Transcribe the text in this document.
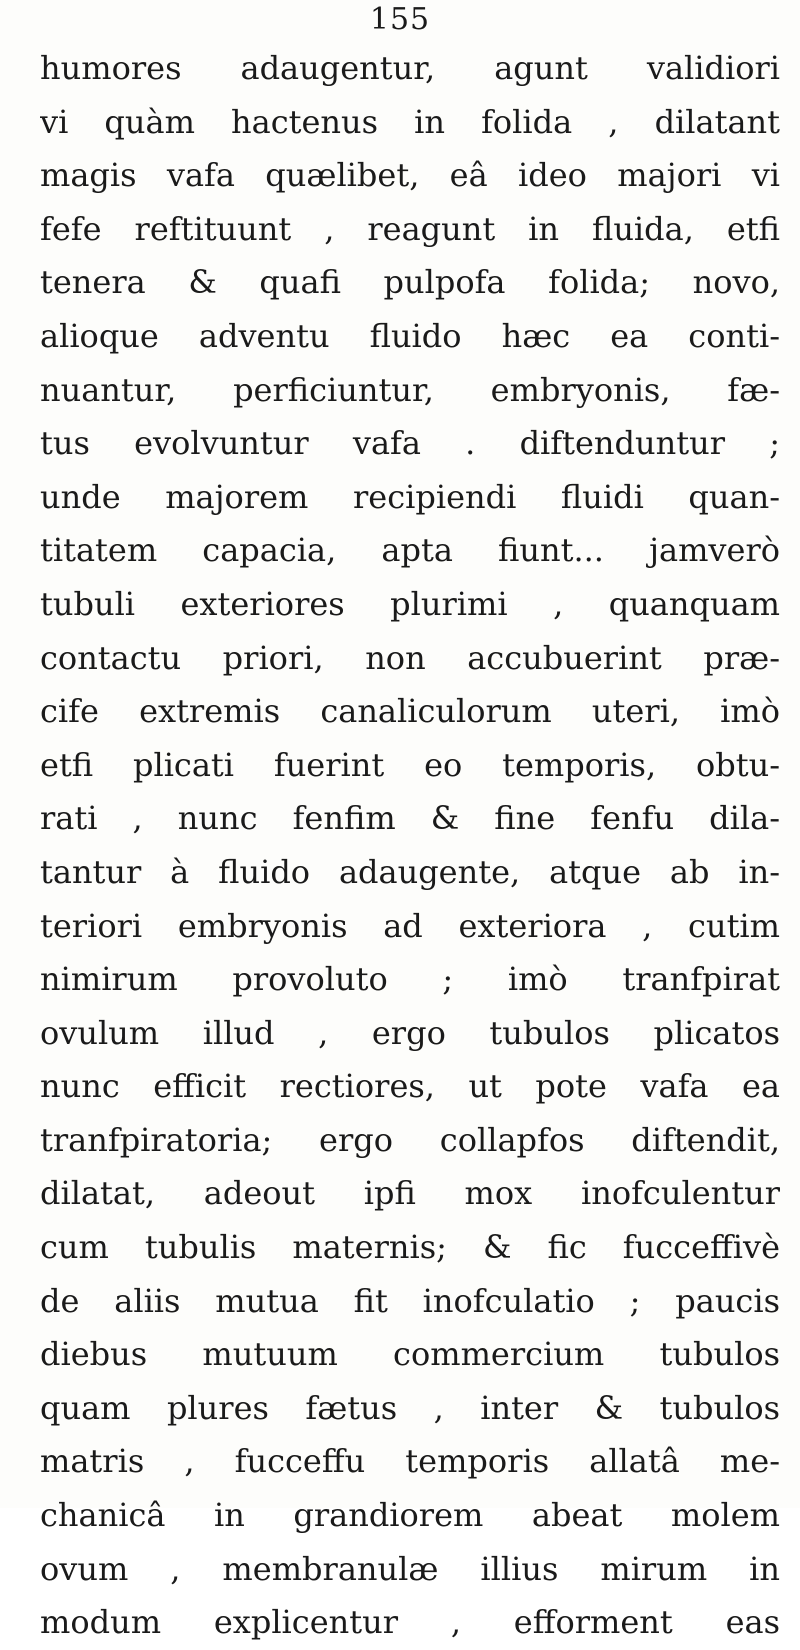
155
humores adaugentur, agunt validiori
vi quàm hactenus in folida , dilatant
magis vafa quælibet, eâ ideo majori vi
fefe reftituunt , reagunt in fluida, etfi
tenera & quafi pulpofa folida; novo,
alioque adventu fluido hæc ea conti-
nuantur, perficiuntur, embryonis, fæ-
tus evolvuntur vafa . diftenduntur ;
unde majorem recipiendi fluidi quan-
titatem capacia, apta fiunt... jamverò
tubuli exteriores plurimi , quanquam
contactu priori, non accubuerint præ-
cife extremis canaliculorum uteri, imò
etfi plicati fuerint eo temporis, obtu-
rati , nunc fenfim & fine fenfu dila-
tantur à fluido adaugente, atque ab in-
teriori embryonis ad exteriora , cutim
nimirum provoluto ; imò tranfpirat
ovulum illud , ergo tubulos plicatos
nunc efficit rectiores, ut pote vafa ea
tranfpiratoria; ergo collapfos diftendit,
dilatat, adeout ipfi mox inofculentur
cum tubulis maternis; & fic fucceffivè
de aliis mutua fit inofculatio ; paucis
diebus mutuum commercium tubulos
quam plures fætus , inter & tubulos
matris , fucceffu temporis allatâ me-
chanicâ in grandiorem abeat molem
ovum , membranulæ illius mirum in
modum explicentur , efforment eas
